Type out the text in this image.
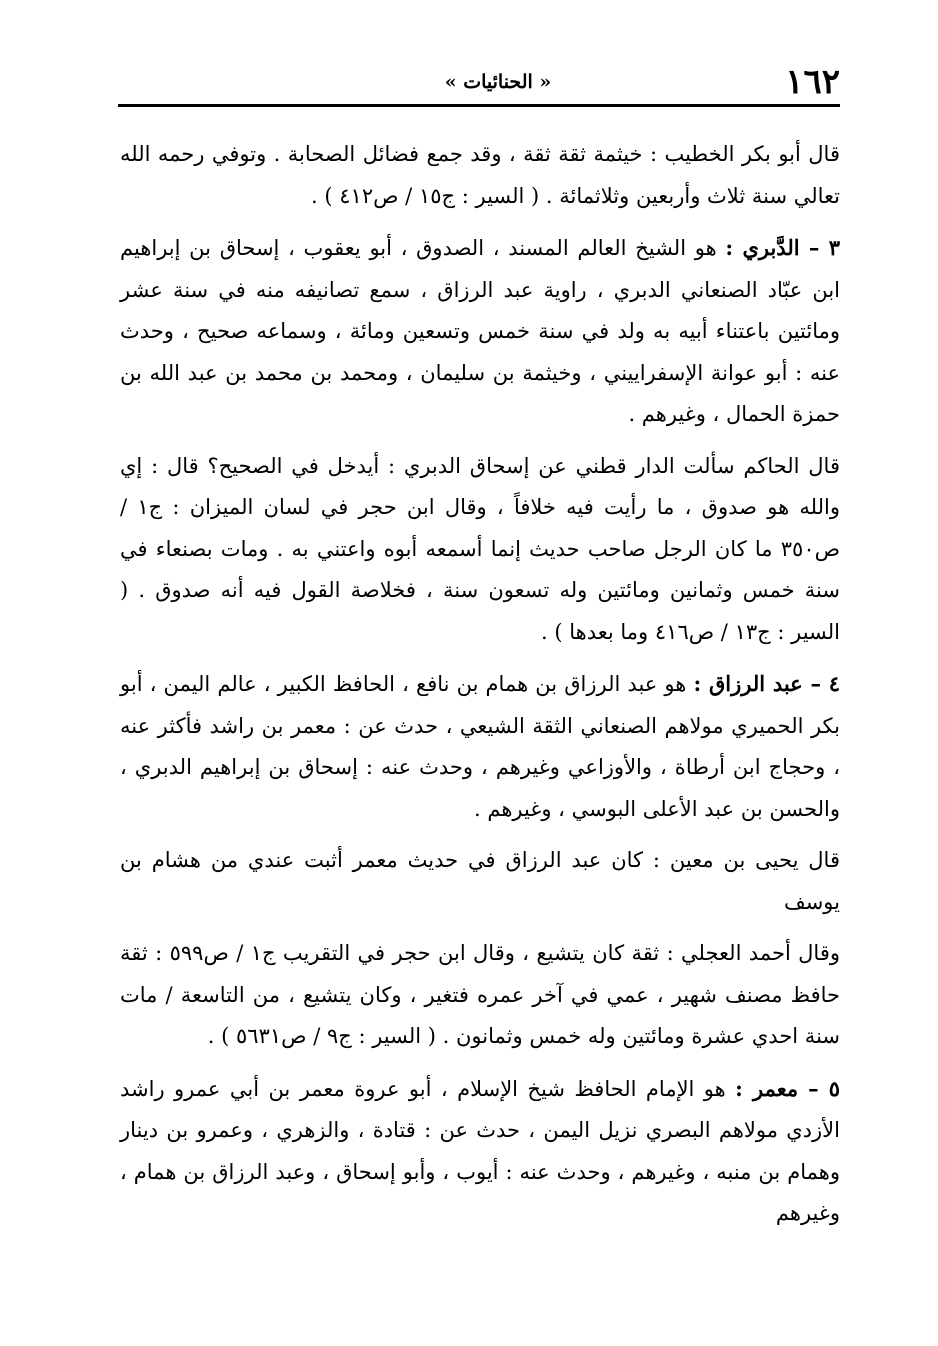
١٦٢
« الحنائيات »

قال أبو بكر الخطيب : خيثمة ثقة ثقة ، وقد جمع فضائل الصحابة . وتوفي رحمه الله تعالي سنة ثلاث وأربعين وثلاثمائة . ( السير : ج١٥ / ص٤١٢ ) .

٣ – الدَّبري : هو الشيخ العالم المسند ، الصدوق ، أبو يعقوب ، إسحاق بن إبراهيم ابن عبّاد الصنعاني الدبري ، راوية عبد الرزاق ، سمع تصانيفه منه في سنة عشر ومائتين باعتناء أبيه به ولد في سنة خمس وتسعين ومائة ، وسماعه صحيح ، وحدث عنه : أبو عوانة الإسفراييني ، وخيثمة بن سليمان ، ومحمد بن محمد بن عبد الله بن حمزة الحمال ، وغيرهم .

قال الحاكم سألت الدار قطني عن إسحاق الدبري : أيدخل في الصحيح؟ قال : إي والله هو صدوق ، ما رأيت فيه خلافاً ، وقال ابن حجر في لسان الميزان : ج١ / ص٣٥٠ ما كان الرجل صاحب حديث إنما أسمعه أبوه واعتني به . ومات بصنعاء في سنة خمس وثمانين ومائتين وله تسعون سنة ، فخلاصة القول فيه أنه صدوق . ( السير : ج١٣ / ص٤١٦ وما بعدها ) .

٤ – عبد الرزاق : هو عبد الرزاق بن همام بن نافع ، الحافظ الكبير ، عالم اليمن ، أبو بكر الحميري مولاهم الصنعاني الثقة الشيعي ، حدث عن : معمر بن راشد فأكثر عنه ، وحجاج ابن أرطاة ، والأوزاعي وغيرهم ، وحدث عنه : إسحاق بن إبراهيم الدبري ، والحسن بن عبد الأعلى البوسي ، وغيرهم .

قال يحيى بن معين : كان عبد الرزاق في حديث معمر أثبت عندي من هشام بن يوسف

وقال أحمد العجلي : ثقة كان يتشيع ، وقال ابن حجر في التقريب ج١ / ص٥٩٩ : ثقة حافظ مصنف شهير ، عمي في آخر عمره فتغير ، وكان يتشيع ، من التاسعة / مات سنة احدي عشرة ومائتين وله خمس وثمانون . ( السير : ج٩ / ص٥٦٣١ ) .

٥ – معمر : هو الإمام الحافظ شيخ الإسلام ، أبو عروة معمر بن أبي عمرو راشد الأزدي مولاهم البصري نزيل اليمن ، حدث عن : قتادة ، والزهري ، وعمرو بن دينار وهمام بن منبه ، وغيرهم ، وحدث عنه : أيوب ، وأبو إسحاق ، وعبد الرزاق بن همام ، وغيرهم
